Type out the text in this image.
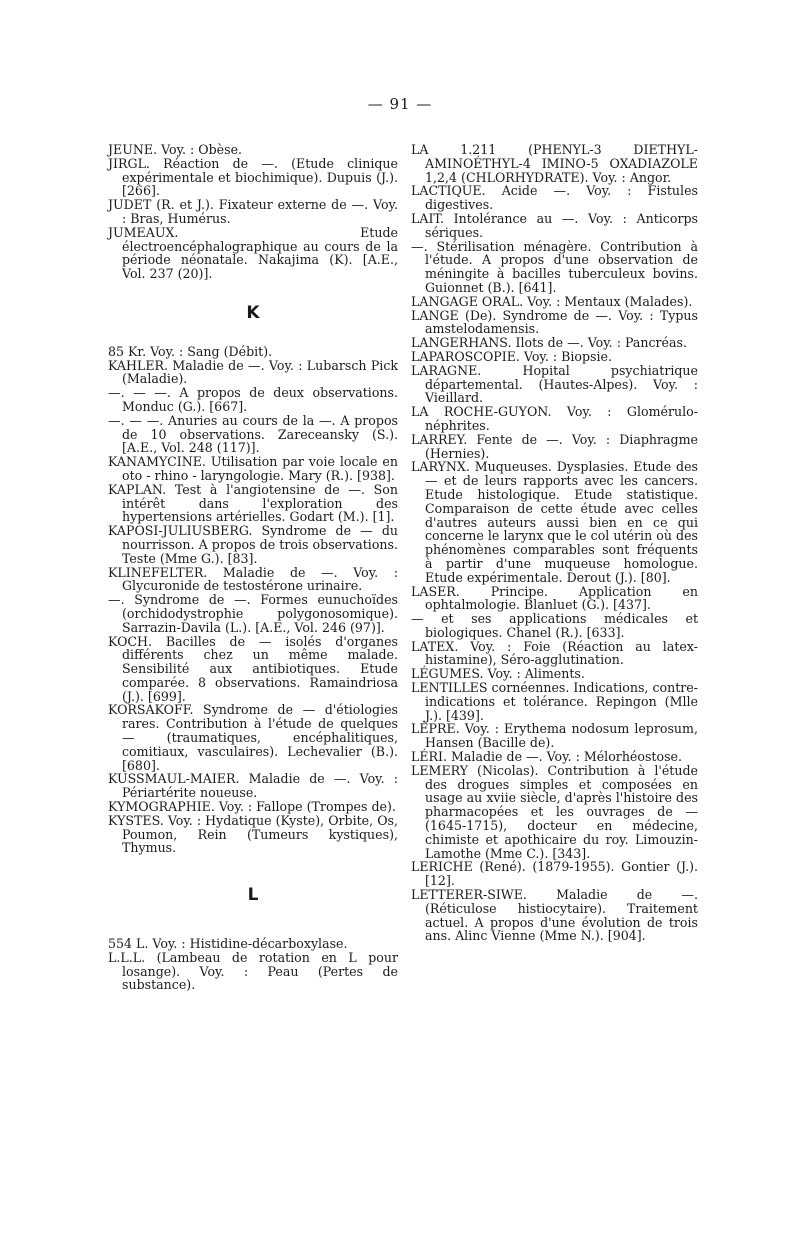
— 91 —

JEUNE. Voy. : Obèse.

JIRGL. Réaction de —. (Etude clinique expérimentale et biochimique). Dupuis (J.). [266].

JUDET (R. et J.). Fixateur externe de —. Voy. : Bras, Humérus.

JUMEAUX. Etude électroencéphalographique au cours de la période néonatale. Nakajima (K). [A.E., Vol. 237 (20)].

K

85 Kr. Voy. : Sang (Débit).

KAHLER. Maladie de —. Voy. : Lubarsch Pick (Maladie).

—. — —. A propos de deux observations. Monduc (G.). [667].

—. — —. Anuries au cours de la —. A propos de 10 observations. Zareceansky (S.). [A.E., Vol. 248 (117)].

KANAMYCINE. Utilisation par voie locale en oto - rhino - laryngologie. Mary (R.). [938].

KAPLAN. Test à l'angiotensine de —. Son intérêt dans l'exploration des hypertensions artérielles. Godart (M.). [1].

KAPOSI-JULIUSBERG. Syndrome de — du nourrisson. A propos de trois observations. Teste (Mme G.). [83].

KLINEFELTER. Maladie de —. Voy. : Glycuronide de testostérone urinaire.

—. Syndrome de —. Formes eunuchoïdes (orchidodystrophie polygonosomique). Sarrazin-Davila (L.). [A.E., Vol. 246 (97)].

KOCH. Bacilles de — isolés d'organes différents chez un même malade. Sensibilité aux antibiotiques. Etude comparée. 8 observations. Ramaindriosa (J.). [699].

KORSAKOFF. Syndrome de — d'étiologies rares. Contribution à l'étude de quelques — (traumatiques, encéphalitiques, comitiaux, vasculaires). Lechevalier (B.). [680].

KUSSMAUL-MAIER. Maladie de —. Voy. : Périartérite noueuse.

KYMOGRAPHIE. Voy. : Fallope (Trompes de).

KYSTES. Voy. : Hydatique (Kyste), Orbite, Os, Poumon, Rein (Tumeurs kystiques), Thymus.

L

554 L. Voy. : Histidine-décarboxylase.

L.L.L. (Lambeau de rotation en L pour losange). Voy. : Peau (Pertes de substance).

LA 1.211 (PHENYL-3 DIETHYL-AMINOÉTHYL-4 IMINO-5 OXADIAZOLE 1,2,4 (CHLORHYDRATE). Voy. : Angor.

LACTIQUE. Acide —. Voy. : Fistules digestives.

LAIT. Intolérance au —. Voy. : Anticorps sériques.

—. Stérilisation ménagère. Contribution à l'étude. A propos d'une observation de méningite à bacilles tuberculeux bovins. Guionnet (B.). [641].

LANGAGE ORAL. Voy. : Mentaux (Malades).

LANGE (De). Syndrome de —. Voy. : Typus amstelodamensis.

LANGERHANS. Ilots de —. Voy. : Pancréas.

LAPAROSCOPIE. Voy. : Biopsie.

LARAGNE. Hopital psychiatrique départemental. (Hautes-Alpes). Voy. : Vieillard.

LA ROCHE-GUYON. Voy. : Glomérulo-néphrites.

LARREY. Fente de —. Voy. : Diaphragme (Hernies).

LARYNX. Muqueuses. Dysplasies. Etude des — et de leurs rapports avec les cancers. Etude histologique. Etude statistique. Comparaison de cette étude avec celles d'autres auteurs aussi bien en ce qui concerne le larynx que le col utérin où des phénomènes comparables sont fréquents à partir d'une muqueuse homologue. Etude expérimentale. Derout (J.). [80].

LASER. Principe. Application en ophtalmologie. Blanluet (G.). [437].

— et ses applications médicales et biologiques. Chanel (R.). [633].

LATEX. Voy. : Foie (Réaction au latex-histamine), Séro-agglutination.

LÉGUMES. Voy. : Aliments.

LENTILLES cornéennes. Indications, contre-indications et tolérance. Repingon (Mlle J.). [439].

LÈPRE. Voy. : Erythema nodosum leprosum, Hansen (Bacille de).

LÉRI. Maladie de —. Voy. : Mélorhéostose.

LEMERY (Nicolas). Contribution à l'étude des drogues simples et composées en usage au xviie siècle, d'après l'histoire des pharmacopées et les ouvrages de — (1645-1715), docteur en médecine, chimiste et apothicaire du roy. Limouzin-Lamothe (Mme C.). [343].

LERICHE (René). (1879-1955). Gontier (J.). [12].

LETTERER-SIWE. Maladie de —. (Réticulose histiocytaire). Traitement actuel. A propos d'une évolution de trois ans. Alinc Vienne (Mme N.). [904].
